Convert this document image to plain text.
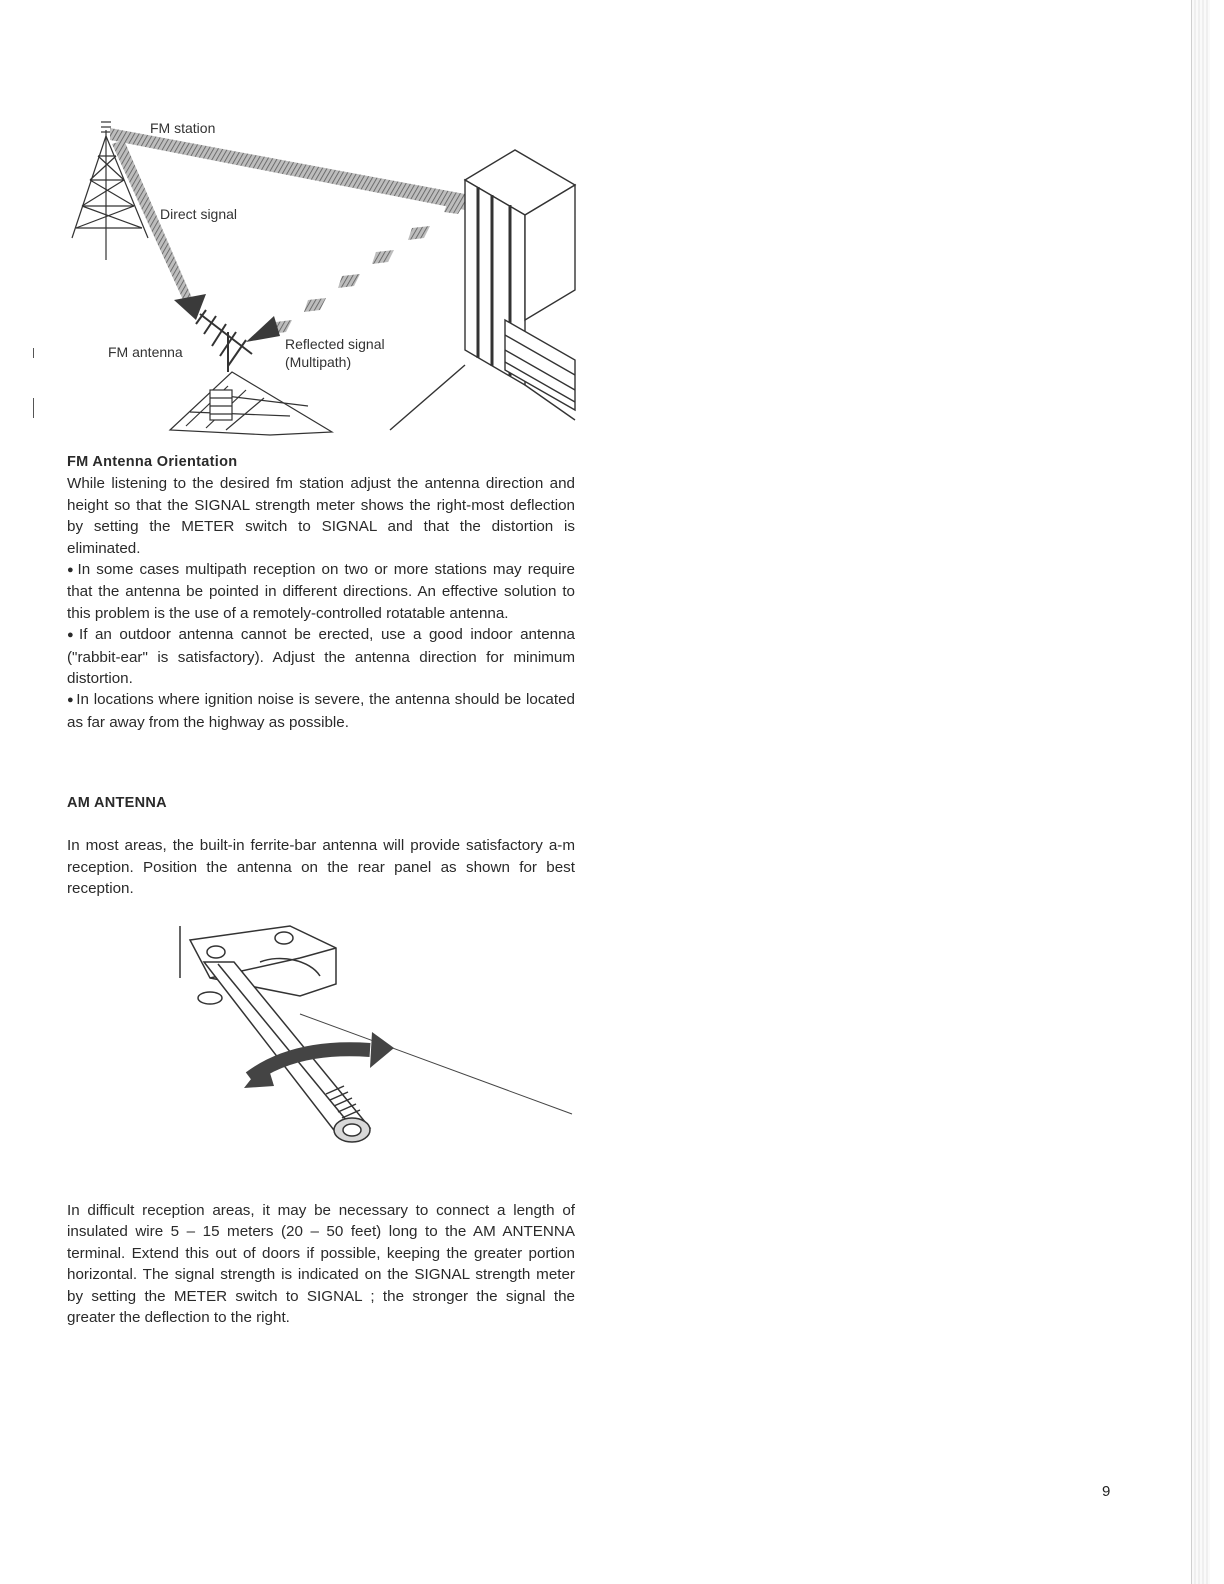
FM station
Direct signal
FM antenna	Reflected signal
(Multipath)

FM Antenna Orientation

While listening to the desired fm station adjust the antenna direction and height so that the SIGNAL strength meter shows the right-most deflection by setting the METER switch to SIGNAL and that the distortion is eliminated.

● In some cases multipath reception on two or more stations may require that the antenna be pointed in different directions. An effective solution to this problem is the use of a remotely-controlled rotatable antenna.

● If an outdoor antenna cannot be erected, use a good indoor antenna ("rabbit-ear" is satisfactory). Adjust the antenna direction for minimum distortion.

● In locations where ignition noise is severe, the antenna should be located as far away from the highway as possible.

AM ANTENNA

In most areas, the built-in ferrite-bar antenna will provide satisfactory a-m reception. Position the antenna on the rear panel as shown for best reception.

In difficult reception areas, it may be necessary to connect a length of insulated wire 5 – 15 meters (20 – 50 feet) long to the AM ANTENNA terminal. Extend this out of doors if possible, keeping the greater portion horizontal. The signal strength is indicated on the SIGNAL strength meter by setting the METER switch to SIGNAL ; the stronger the signal the greater the deflection to the right.

9
